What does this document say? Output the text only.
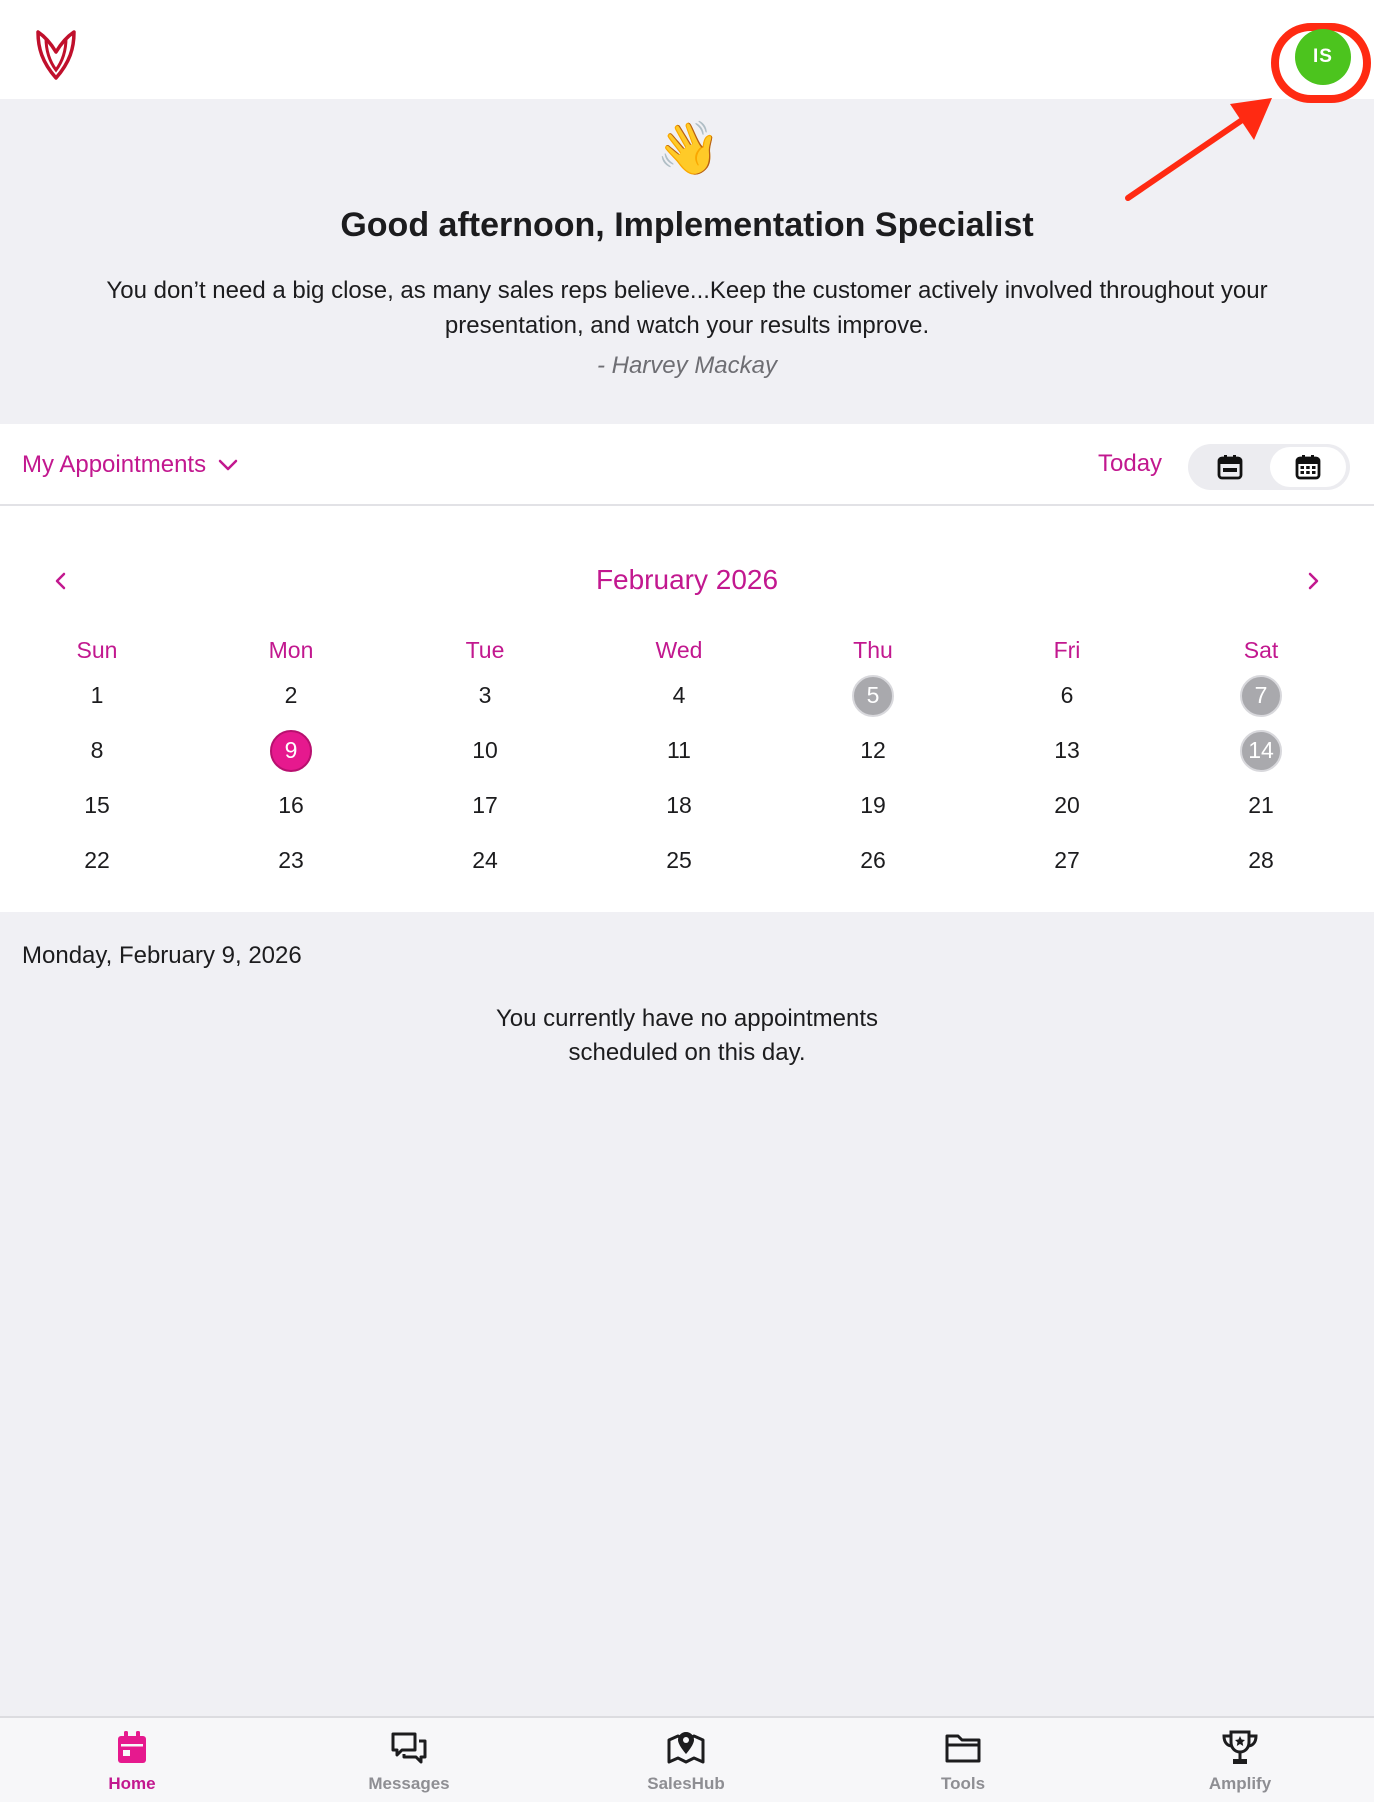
IS
👋
Good afternoon, Implementation Specialist
You don’t need a big close, as many sales reps believe...Keep the customer actively involved throughout your presentation, and watch your results improve.
- Harvey Mackay
My Appointments	Today
February 2026
Sun	Mon	Tue	Wed	Thu	Fri	Sat
1	2	3	4	5	6	7
8	9	10	11	12	13	14
15	16	17	18	19	20	21
22	23	24	25	26	27	28
Monday, February 9, 2026
You currently have no appointments
scheduled on this day.
Home	Messages	SalesHub	Tools	Amplify
